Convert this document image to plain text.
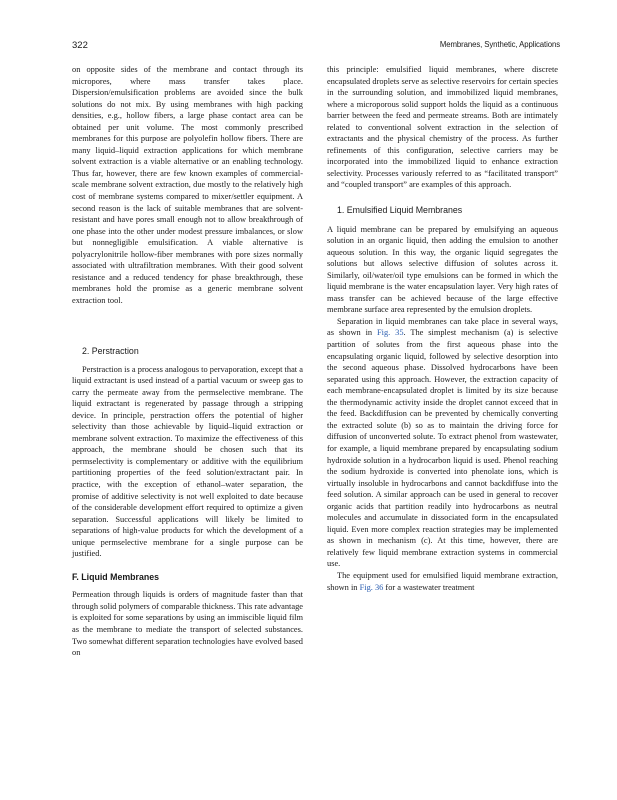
322	Membranes, Synthetic, Applications

on opposite sides of the membrane and contact through its micropores, where mass transfer takes place. Dispersion/emulsification problems are avoided since the bulk solutions do not mix. By using membranes with high packing densities, e.g., hollow fibers, a large phase contact area can be obtained per unit volume. The most commonly prescribed membranes for this purpose are polyolefin hollow fibers. There are many liquid–liquid extraction applications for which membrane solvent extraction is a viable alternative or an enabling technology. Thus far, however, there are few known examples of commercial-scale membrane solvent extraction, due mostly to the relatively high cost of membrane systems compared to mixer/settler equipment. A second reason is the lack of suitable membranes that are solvent-resistant and have pores small enough not to allow breakthrough of one phase into the other under modest pressure imbalances, or slow but nonnegligible emulsification. A viable alternative is polyacrylonitrile hollow-fiber membranes with pore sizes normally associated with ultrafiltration membranes. With their good solvent resistance and a reduced tendency for phase breakthrough, these membranes hold the promise as a generic membrane solvent extraction tool.

2. Perstraction

Perstraction is a process analogous to pervaporation, except that a liquid extractant is used instead of a partial vacuum or sweep gas to carry the permeate away from the permselective membrane. The liquid extractant is regenerated by passage through a stripping device. In principle, perstraction offers the potential of higher selectivity than those achievable by liquid–liquid extraction or membrane solvent extraction. To maximize the effectiveness of this approach, the membrane should be chosen such that its permselectivity is complementary or additive with the equilibrium partitioning properties of the feed solution/extractant pair. In practice, with the exception of ethanol–water separation, the promise of additive selectivity is not well exploited to date because of the considerable development effort required to optimize a given separation. Successful applications will likely be limited to separations of high-value products for which the development of a unique permselective membrane for a single purpose can be justified.

F. Liquid Membranes

Permeation through liquids is orders of magnitude faster than that through solid polymers of comparable thickness. This rate advantage is exploited for some separations by using an immiscible liquid film as the membrane to mediate the transport of selected substances. Two somewhat different separation technologies have evolved based on

this principle: emulsified liquid membranes, where discrete encapsulated droplets serve as selective reservoirs for certain species in the surrounding solution, and immobilized liquid membranes, where a microporous solid support holds the liquid as a continuous barrier between the feed and permeate streams. Both are intimately related to conventional solvent extraction in the selection of extractants and the physical chemistry of the process. As further refinements of this configuration, selective carriers may be incorporated into the immobilized liquid to enhance extraction selectivity. Processes variously referred to as “facilitated transport” and “coupled transport” are examples of this approach.

1. Emulsified Liquid Membranes

A liquid membrane can be prepared by emulsifying an aqueous solution in an organic liquid, then adding the emulsion to another aqueous solution. In this way, the organic liquid segregates the solutions but allows selective diffusion of solutes across it. Similarly, oil/water/oil type emulsions can be formed in which the liquid membrane is the water encapsulation layer. Very high rates of mass transfer can be achieved because of the large effective membrane surface area represented by the emulsion droplets.

Separation in liquid membranes can take place in several ways, as shown in Fig. 35. The simplest mechanism (a) is selective partition of solutes from the first aqueous phase into the encapsulating organic liquid, followed by selective desorption into the second aqueous phase. Dissolved hydrocarbons have been separated using this approach. However, the extraction capacity of each membrane-encapsulated droplet is limited by its size because the thermodynamic activity inside the droplet cannot exceed that in the feed. Backdiffusion can be prevented by chemically converting the extracted solute (b) so as to maintain the driving force for diffusion of unconverted solute. To extract phenol from wastewater, for example, a liquid membrane prepared by encapsulating sodium hydroxide solution in a hydrocarbon liquid is used. Phenol reaching the sodium hydroxide is converted into phenolate ions, which is virtually insoluble in hydrocarbons and cannot backdiffuse into the feed solution. A similar approach can be used in general to recover organic acids that partition readily into hydrocarbons as neutral molecules and accumulate in dissociated form in the encapsulated liquid. Even more complex reaction strategies may be implemented as shown in mechanism (c). At this time, however, there are relatively few liquid membrane extraction systems in commercial use.

The equipment used for emulsified liquid membrane extraction, shown in Fig. 36 for a wastewater treatment
